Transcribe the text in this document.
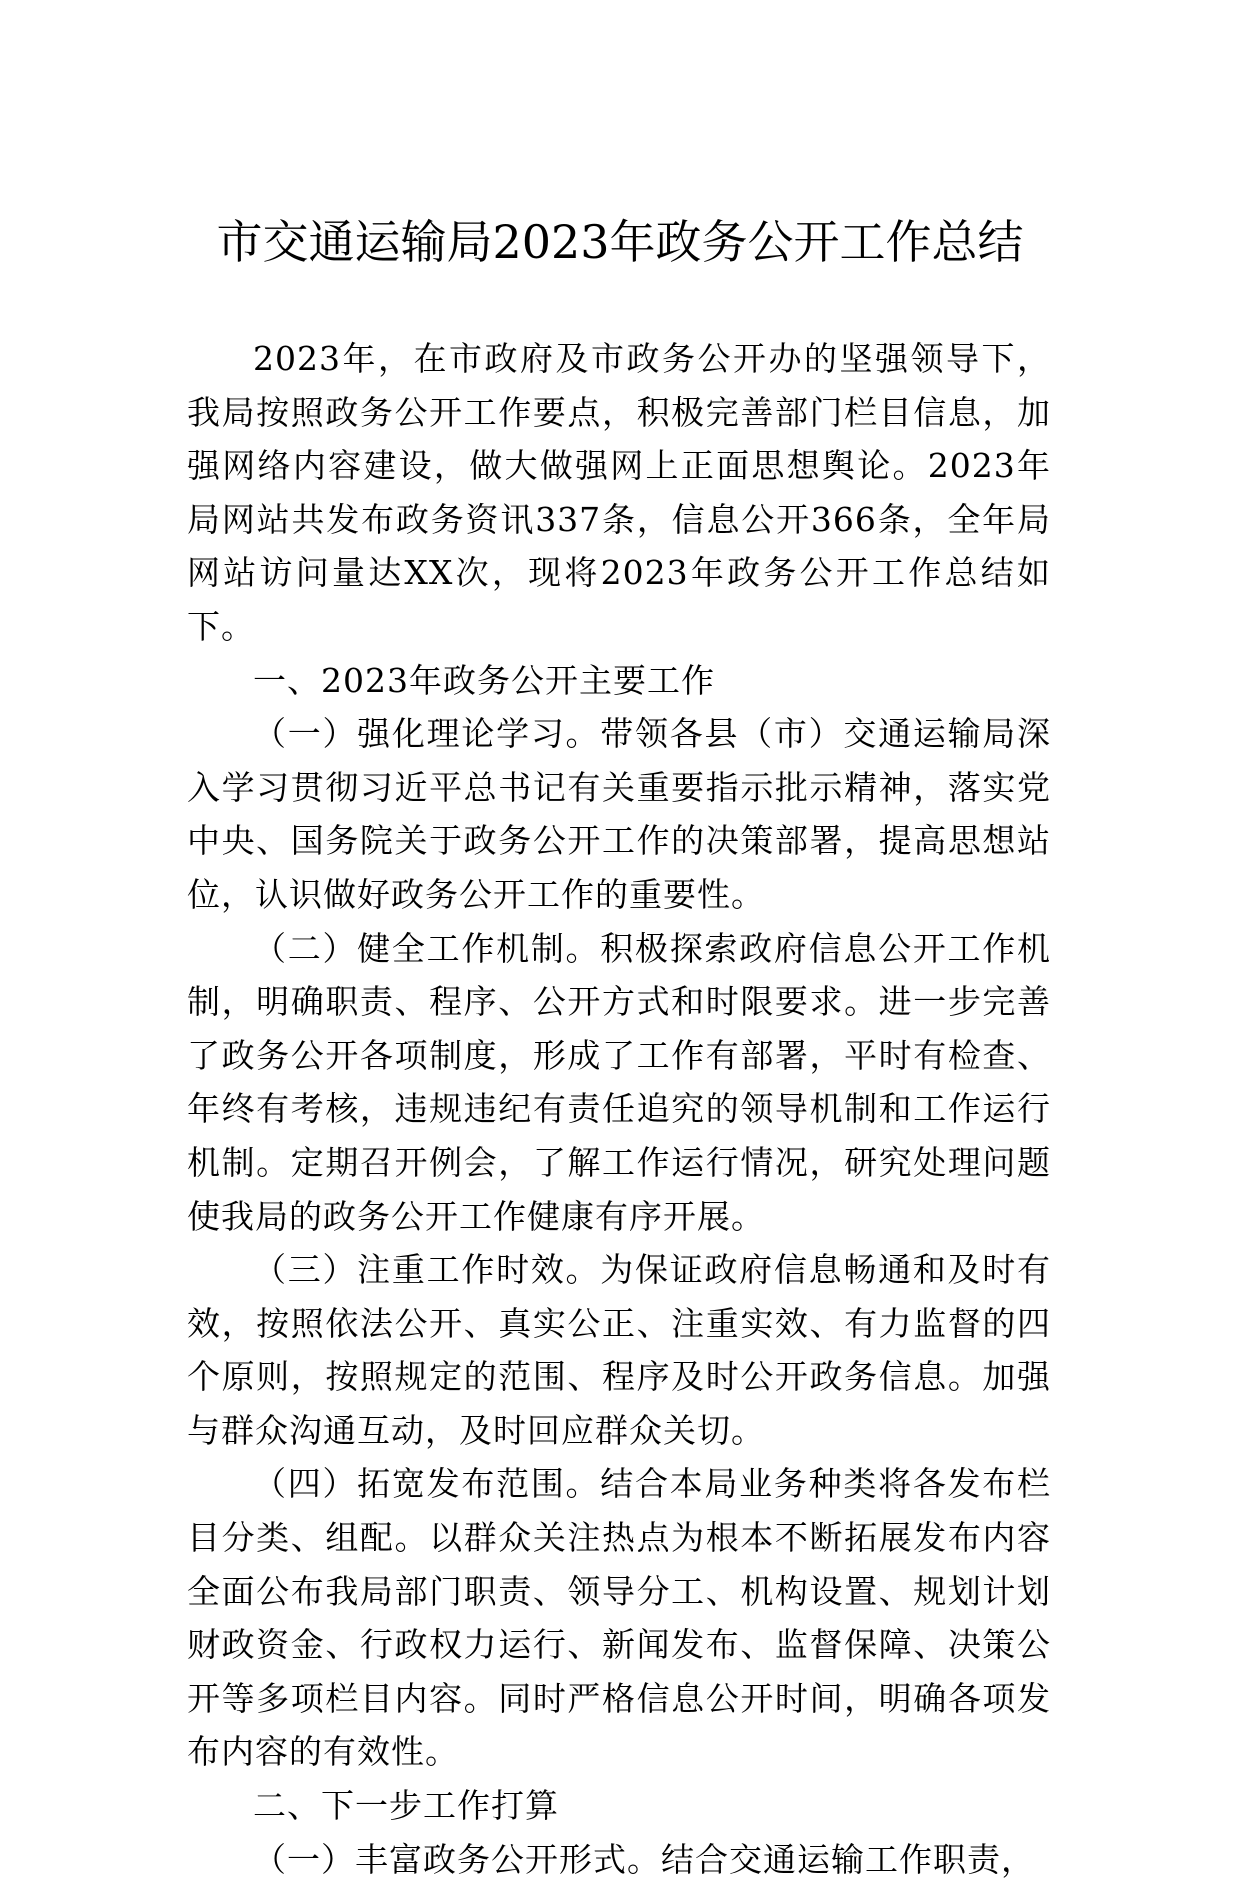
市交通运输局2023年政务公开工作总结

2023年，在市政府及市政务公开办的坚强领导下，我局按照政务公开工作要点，积极完善部门栏目信息，加强网络内容建设，做大做强网上正面思想舆论。2023年局网站共发布政务资讯337条，信息公开366条，全年局网站访问量达XX次，现将2023年政务公开工作总结如下。

一、2023年政务公开主要工作

（一）强化理论学习。带领各县（市）交通运输局深入学习贯彻习近平总书记有关重要指示批示精神，落实党中央、国务院关于政务公开工作的决策部署，提高思想站位，认识做好政务公开工作的重要性。

（二）健全工作机制。积极探索政府信息公开工作机制，明确职责、程序、公开方式和时限要求。进一步完善了政务公开各项制度，形成了工作有部署，平时有检查、年终有考核，违规违纪有责任追究的领导机制和工作运行机制。定期召开例会，了解工作运行情况，研究处理问题使我局的政务公开工作健康有序开展。

（三）注重工作时效。为保证政府信息畅通和及时有效，按照依法公开、真实公正、注重实效、有力监督的四个原则，按照规定的范围、程序及时公开政务信息。加强与群众沟通互动，及时回应群众关切。

（四）拓宽发布范围。结合本局业务种类将各发布栏目分类、组配。以群众关注热点为根本不断拓展发布内容全面公布我局部门职责、领导分工、机构设置、规划计划财政资金、行政权力运行、新闻发布、监督保障、决策公开等多项栏目内容。同时严格信息公开时间，明确各项发布内容的有效性。

二、下一步工作打算

（一）丰富政务公开形式。结合交通运输工作职责，
